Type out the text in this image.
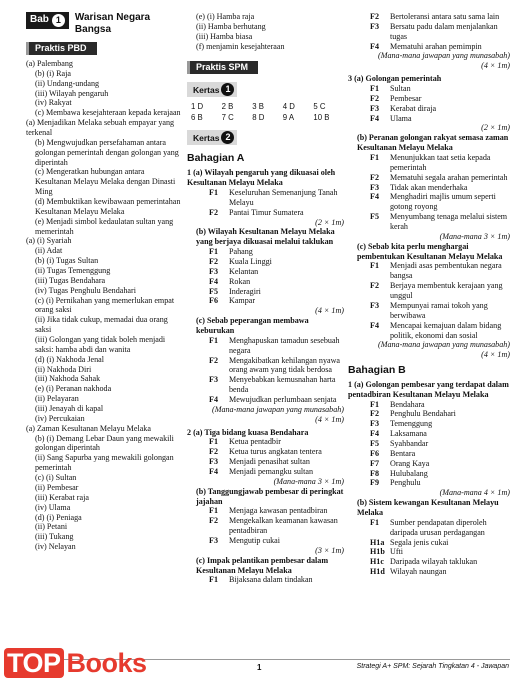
Bab 1	Warisan Negara Bangsa
Praktis PBD
(a) Palembang
(b) (i) Raja
(ii) Undang-undang
(iii) Wilayah pengaruh
(iv) Rakyat
(c) Membawa kesejahteraan kepada kerajaan
(a) Menjadikan Melaka sebuah empayar yang terkenal
(b) Mengwujudkan persefahaman antara golongan pemerintah dengan golongan yang diperintah
(c) Mengeratkan hubungan antara Kesultanan Melayu Melaka dengan Dinasti Ming
(d) Membuktikan kewibawaan pemerintahan Kesultanan Melayu Melaka
(e) Menjadi simbol kedaulatan sultan yang memerintah
(a) (i) Syariah
(ii) Adat
(b) (i) Tugas Sultan
(ii) Tugas Temenggung
(iii) Tugas Bendahara
(iv) Tugas Penghulu Bendahari
(c) (i) Pernikahan yang memerlukan empat orang saksi
(ii) Jika tidak cukup, memadai dua orang saksi
(iii) Golongan yang tidak boleh menjadi saksi: hamba abdi dan wanita
(d) (i) Nakhoda Jenal
(ii) Nakhoda Diri
(iii) Nakhoda Sahak
(e) (i) Peranan nakhoda
(ii) Pelayaran
(iii) Jenayah di kapal
(iv) Percukaian
(a) Zaman Kesultanan Melayu Melaka
(b) (i) Demang Lebar Daun yang mewakili golongan diperintah
(ii) Sang Sapurba yang mewakili golongan pemerintah
(c) (i) Sultan
(ii) Pembesar
(iii) Kerabat raja
(iv) Ulama
(d) (i) Peniaga
(ii) Petani
(iii) Tukang
(iv) Nelayan
(e) (i) Hamba raja
(ii) Hamba berhutang
(iii) Hamba biasa
(f) menjamin kesejahteraan
Praktis SPM
Kertas 1
1 D	2 B	3 B	4 D	5 C
6 B	7 C	8 D	9 A	10 B
Kertas 2
Bahagian A
1 (a) Wilayah pengaruh yang dikuasai oleh Kesultanan Melayu Melaka
F1	Keseluruhan Semenanjung Tanah Melayu
F2	Pantai Timur Sumatera
(2 × 1m)
(b) Wilayah Kesultanan Melayu Melaka yang berjaya dikuasai melalui taklukan
F1	Pahang
F2	Kuala Linggi
F3	Kelantan
F4	Rokan
F5	Inderagiri
F6	Kampar
(4 × 1m)
(c) Sebab peperangan membawa keburukan
F1	Menghapuskan tamadun sesebuah negara
F2	Mengakibatkan kehilangan nyawa orang awam yang tidak berdosa
F3	Menyebabkan kemusnahan harta benda
F4	Mewujudkan perlumbaan senjata
(Mana-mana jawapan yang munasabah)
(4 × 1m)
2 (a) Tiga bidang kuasa Bendahara
F1	Ketua pentadbir
F2	Ketua turus angkatan tentera
F3	Menjadi penasihat sultan
F4	Menjadi pemangku sultan
(Mana-mana 3 × 1m)
(b) Tanggungjawab pembesar di peringkat jajahan
F1	Menjaga kawasan pentadbiran
F2	Mengekalkan keamanan kawasan pentadbiran
F3	Mengutip cukai
(3 × 1m)
(c) Impak pelantikan pembesar dalam Kesultanan Melayu Melaka
F1	Bijaksana dalam tindakan
F2	Bertoleransi antara satu sama lain
F3	Bersatu padu dalam menjalankan tugas
F4	Mematuhi arahan pemimpin
(Mana-mana jawapan yang munasabah)
(4 × 1m)
3 (a) Golongan pemerintah
F1	Sultan
F2	Pembesar
F3	Kerabat diraja
F4	Ulama
(2 × 1m)
(b) Peranan golongan rakyat semasa zaman Kesultanan Melayu Melaka
F1	Menunjukkan taat setia kepada pemerintah
F2	Mematuhi segala arahan pemerintah
F3	Tidak akan menderhaka
F4	Menghadiri majlis umum seperti gotong royong
F5	Menyumbang tenaga melalui sistem kerah
(Mana-mana 3 × 1m)
(c) Sebab kita perlu menghargai pembentukan Kesultanan Melayu Melaka
F1	Menjadi asas pembentukan negara bangsa
F2	Berjaya membentuk kerajaan yang unggul
F3	Mempunyai ramai tokoh yang berwibawa
F4	Mencapai kemajuan dalam bidang politik, ekonomi dan sosial
(Mana-mana jawapan yang munasabah)
(4 × 1m)
Bahagian B
1 (a) Golongan pembesar yang terdapat dalam pentadbiran Kesultanan Melayu Melaka
F1	Bendahara
F2	Penghulu Bendahari
F3	Temenggung
F4	Laksamana
F5	Syahbandar
F6	Bentara
F7	Orang Kaya
F8	Hulubalang
F9	Penghulu
(Mana-mana 4 × 1m)
(b) Sistem kewangan Kesultanan Melayu Melaka
F1	Sumber pendapatan diperoleh daripada urusan perdagangan
H1a Segala jenis cukai
H1b Ufti
H1c Daripada wilayah taklukan
H1d Wilayah naungan
1	Strategi A+ SPM: Sejarah Tingkatan 4 - Jawapan
TOP Books
